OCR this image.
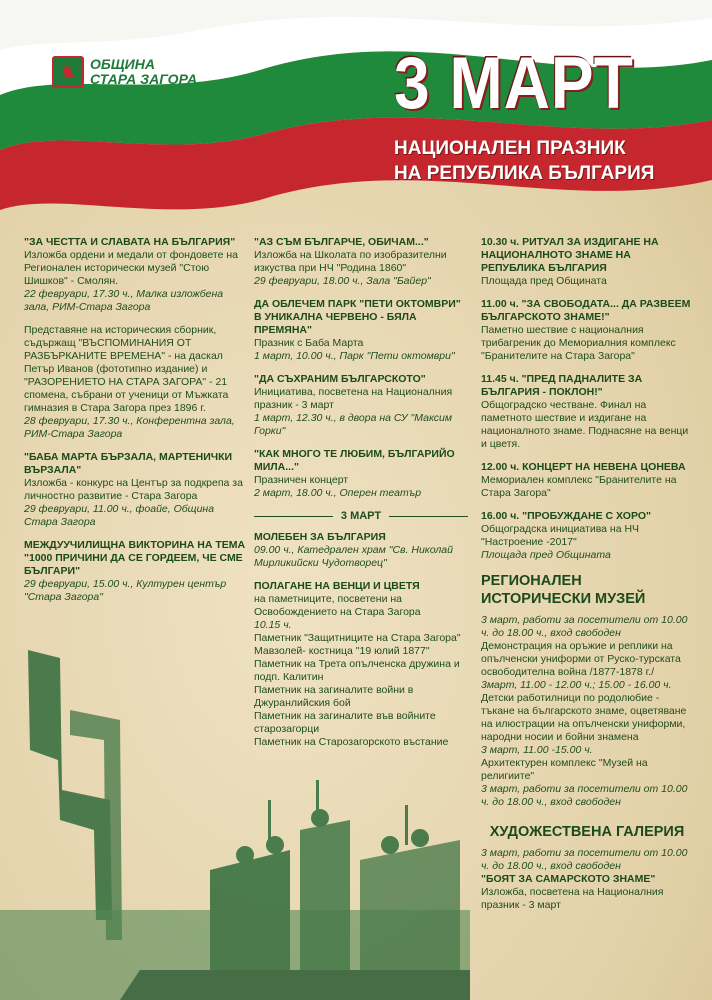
♞	ОБЩИНА
СТАРА ЗАГОРА	3 МАРТ
НАЦИОНАЛЕН ПРАЗНИК
НА РЕПУБЛИКА БЪЛГАРИЯ
"ЗА ЧЕСТТА И СЛАВАТА НА БЪЛГАРИЯ"
Изложба ордени и медали от фондовете на Регионален исторически музей "Стою Шишков" - Смолян.
22 февруари, 17.30 ч., Малка изложбена зала, РИМ-Стара Загора
Представяне на историческия сборник, съдържащ "ВЪСПОМИНАНИЯ ОТ РАЗБЪРКАНИТЕ ВРЕМЕНА" - на даскал Петър Иванов (фототипно издание) и "РАЗОРЕНИЕТО НА СТАРА ЗАГОРА" - 21 спомена, събрани от ученици от Мъжката гимназия в Стара Загора през 1896 г.
28 февруари, 17.30 ч., Конферентна зала, РИМ-Стара Загора
"БАБА МАРТА БЪРЗАЛА, МАРТЕНИЧКИ ВЪРЗАЛА"
Изложба - конкурс на Център за подкрепа за личностно развитие - Стара Загора
29 февруари, 11.00 ч., фоайе, Община Стара Загора
МЕЖДУУЧИЛИЩНА ВИКТОРИНА НА ТЕМА "1000 ПРИЧИНИ ДА СЕ ГОРДЕЕМ, ЧЕ СМЕ БЪЛГАРИ"
29 февруари, 15.00 ч., Културен център "Стара Загора"
"АЗ СЪМ БЪЛГАРЧЕ, ОБИЧАМ..."
Изложба на Школата по изобразителни изкуства при НЧ "Родина 1860"
29 февруари, 18.00 ч., Зала "Байер"
ДА ОБЛЕЧЕМ ПАРК "ПЕТИ ОКТОМВРИ" В УНИКАЛНА ЧЕРВЕНО - БЯЛА ПРЕМЯНА"
Празник с Баба Марта
1 март, 10.00 ч., Парк "Пети октомври"
"ДА СЪХРАНИМ БЪЛГАРСКОТО"
Инициатива, посветена на Националния празник - 3 март
1 март, 12.30 ч., в двора на СУ "Максим Горки"
"КАК МНОГО ТЕ ЛЮБИМ, БЪЛГАРИЙО МИЛА..."
Празничен концерт
2 март, 18.00 ч., Оперен театър
3 МАРТ
МОЛЕБЕН ЗА БЪЛГАРИЯ
09.00 ч., Катедрален храм "Св. Николай Мирликийски Чудотворец"
ПОЛАГАНЕ НА ВЕНЦИ И ЦВЕТЯ
на паметниците, посветени на Освобождението на Стара Загора
10.15 ч.
Паметник "Защитниците на Стара Загора"
Мавзолей- костница "19 юлий 1877"
Паметник на Трета опълченска дружина и подп. Калитин
Паметник на загиналите войни в Джуранлийския бой
Паметник на загиналите във войните старозагорци
Паметник на Старозагорското въстание
10.30 ч. РИТУАЛ ЗА ИЗДИГАНЕ НА НАЦИОНАЛНОТО ЗНАМЕ НА РЕПУБЛИКА БЪЛГАРИЯ
Площада пред Общината
11.00 ч. "ЗА СВОБОДАТА... ДА РАЗВЕЕМ БЪЛГАРСКОТО ЗНАМЕ!"
Паметно шествие с националния трибагреник до Мемориалния комплекс "Бранителите на Стара Загора"
11.45 ч. "ПРЕД ПАДНАЛИТЕ ЗА БЪЛГАРИЯ - ПОКЛОН!"
Общоградско честване. Финал на паметното шествие и издигане на националното знаме. Поднасяне на венци и цветя.
12.00 ч. КОНЦЕРТ НА НЕВЕНА ЦОНЕВА
Мемориален комплекс "Бранителите на Стара Загора"
16.00 ч. "ПРОБУЖДАНЕ С ХОРО"
Общоградска инициатива на НЧ "Настроение -2017"
Площада пред Общината
РЕГИОНАЛЕН ИСТОРИЧЕСКИ МУЗЕЙ
3 март, работи за посетители от 10.00 ч. до 18.00 ч., вход свободен
Демонстрация на оръжие и реплики на опълченски униформи от Руско-турската освободителна война /1877-1878 г./
3март, 11.00 - 12.00 ч.; 15.00 - 16.00 ч.
Детски работилници по родолюбие - тъкане на българското знаме, оцветяване на илюстрации на опълченски униформи, народни носии и бойни знамена
3 март, 11.00 -15.00 ч.
Архитектурен комплекс "Музей на религиите"
3 март, работи за посетители от 10.00 ч. до 18.00 ч., вход свободен
ХУДОЖЕСТВЕНА ГАЛЕРИЯ
3 март, работи за посетители от 10.00 ч. до 18.00 ч., вход свободен
"БОЯТ ЗА САМАРСКОТО ЗНАМЕ"
Изложба, посветена на Националния празник - 3 март
